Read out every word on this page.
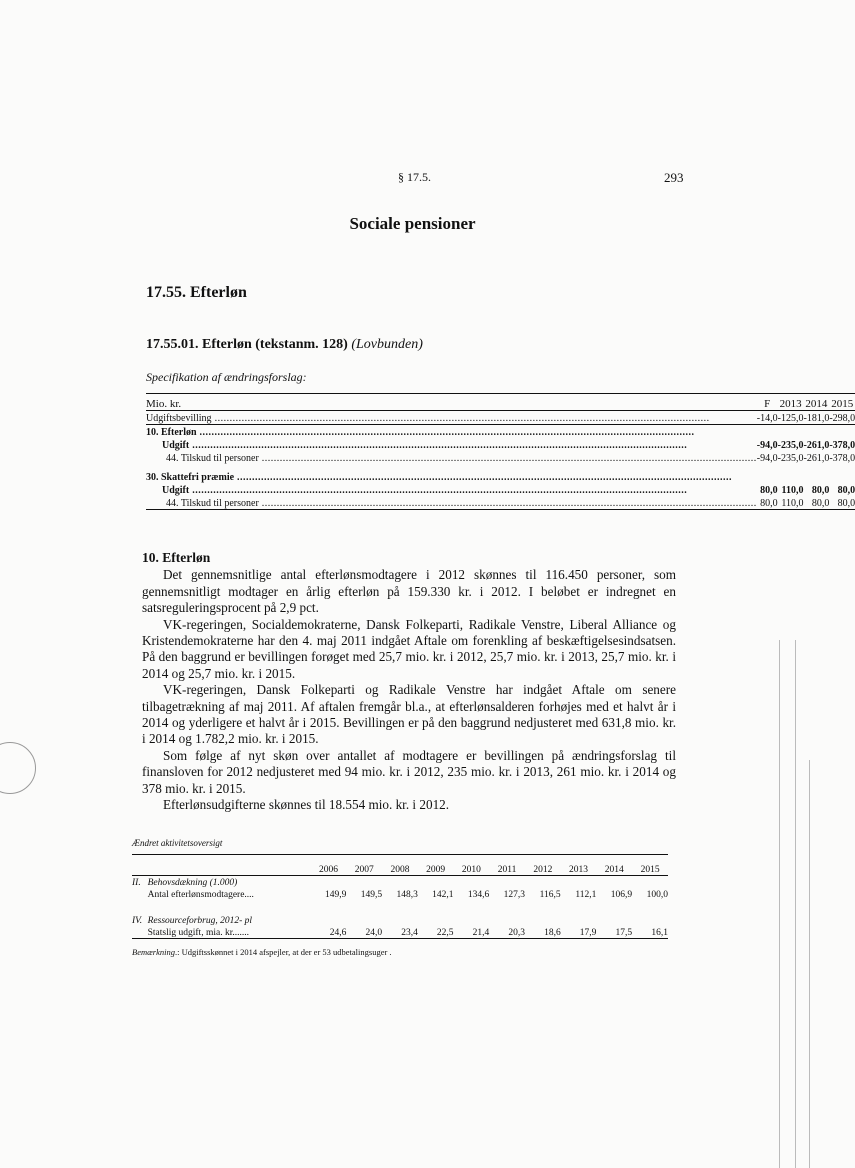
§ 17.5.	293
Sociale pensioner
17.55. Efterløn
17.55.01. Efterløn (tekstanm. 128) (Lovbunden)
Specifikation af ændringsforslag:
Mio. kr.	F	2013	2014	2015
Udgiftsbevilling .....	-14,0	-125,0	-181,0	-298,0
10. Efterløn .....				
Udgift .....	-94,0	-235,0	-261,0	-378,0
44. Tilskud til personer .....	-94,0	-235,0	-261,0	-378,0

30. Skattefri præmie .....				
Udgift .....	80,0	110,0	80,0	80,0
44. Tilskud til personer .....	80,0	110,0	80,0	80,0
10. Efterløn

Det gennemsnitlige antal efterlønsmodtagere i 2012 skønnes til 116.450 personer, som gennemsnitligt modtager en årlig efterløn på 159.330 kr. i 2012. I beløbet er indregnet en satsreguleringsprocent på 2,9 pct.

VK-regeringen, Socialdemokraterne, Dansk Folkeparti, Radikale Venstre, Liberal Alliance og Kristendemokraterne har den 4. maj 2011 indgået Aftale om forenkling af beskæftigelsesindsatsen. På den baggrund er bevillingen forøget med 25,7 mio. kr. i 2012, 25,7 mio. kr. i 2013, 25,7 mio. kr. i 2014 og 25,7 mio. kr. i 2015.

VK-regeringen, Dansk Folkeparti og Radikale Venstre har indgået Aftale om senere tilbagetrækning af maj 2011. Af aftalen fremgår bl.a., at efterlønsalderen forhøjes med et halvt år i 2014 og yderligere et halvt år i 2015. Bevillingen er på den baggrund nedjusteret med 631,8 mio. kr. i 2014 og 1.782,2 mio. kr. i 2015.

Som følge af nyt skøn over antallet af modtagere er bevillingen på ændringsforslag til finansloven for 2012 nedjusteret med 94 mio. kr. i 2012, 235 mio. kr. i 2013, 261 mio. kr. i 2014 og 378 mio. kr. i 2015.

Efterlønsudgifterne skønnes til 18.554 mio. kr. i 2012.

Ændret aktivitetsoversigt
		2006	2007	2008	2009	2010	2011	2012	2013	2014	2015
II.	Behovsdækning (1.000)										
	Antal efterlønsmodtagere....	149,9	149,5	148,3	142,1	134,6	127,3	116,5	112,1	106,9	100,0

IV.	Ressourceforbrug, 2012- pl										
	Statslig udgift, mia. kr.......	24,6	24,0	23,4	22,5	21,4	20,3	18,6	17,9	17,5	16,1
Bemærkning.: Udgiftsskønnet i 2014 afspejler, at der er 53 udbetalingsuger .
